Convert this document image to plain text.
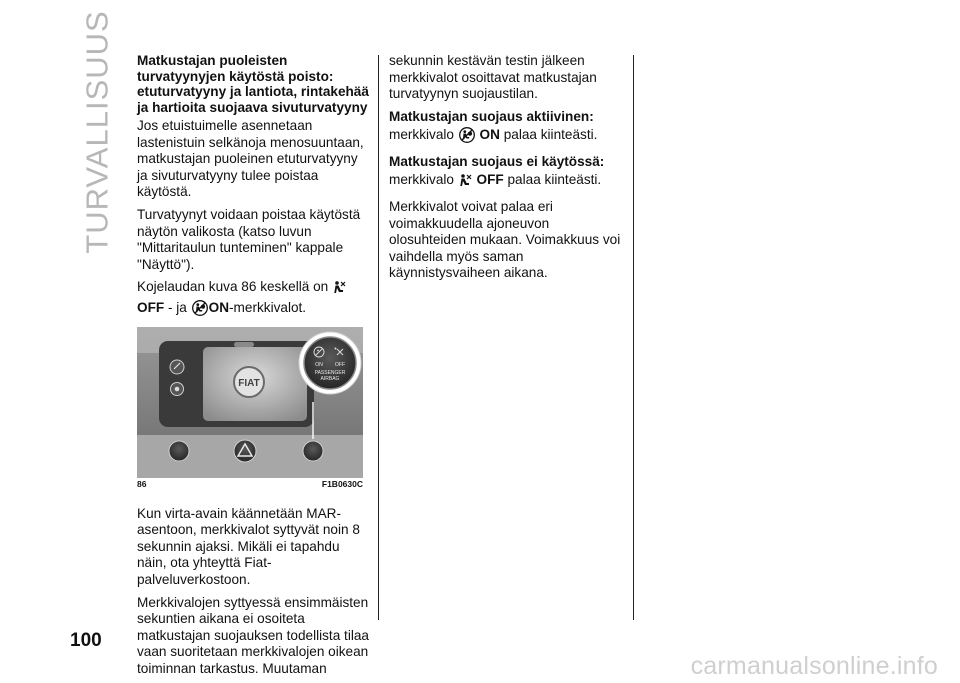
TURVALLISUUS Matkustajan puoleisten turvatyynyjen käytöstä poisto: etuturvatyyny ja lantiota, rintakehää ja hartioita suojaava sivuturvatyyny

Jos etuistuimelle asennetaan lastenistuin selkänoja menosuuntaan, matkustajan puoleinen etuturvatyyny ja sivuturvatyyny tulee poistaa käytöstä.

Turvatyynyt voidaan poistaa käytöstä näytön valikosta (katso luvun "Mittaritaulun tunteminen" kappale "Näyttö").

Kojelaudan kuva 86 keskellä on OFF - ja ON-merkkivalot.

FIAT
ON OFF
PASSENGER
AIRBAG
86	F1B0630C

Kun virta-avain käännetään MAR-asentoon, merkkivalot syttyvät noin 8 sekunnin ajaksi. Mikäli ei tapahdu näin, ota yhteyttä Fiat-palveluverkostoon.

Merkkivalojen syttyessä ensimmäisten sekuntien aikana ei osoiteta matkustajan suojauksen todellista tilaa vaan suoritetaan merkkivalojen oikean toiminnan tarkastus. Muutaman

sekunnin kestävän testin jälkeen merkkivalot osoittavat matkustajan turvatyynyn suojaustilan.

Matkustajan suojaus aktiivinen:

merkkivalo ON palaa kiinteästi.

Matkustajan suojaus ei käytössä:

merkkivalo OFF palaa kiinteästi.

Merkkivalot voivat palaa eri voimakkuudella ajoneuvon olosuhteiden mukaan. Voimakkuus voi vaihdella myös saman käynnistysvaiheen aikana.

100
carmanualsonline.info
